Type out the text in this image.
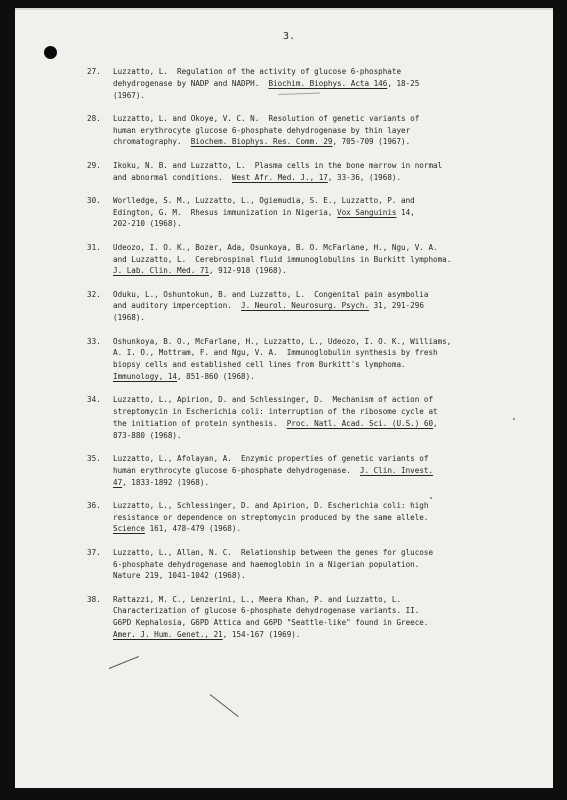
3.
27. Luzzatto, L.  Regulation of the activity of glucose 6-phosphate
dehydrogenase by NADP and NADPH.  Biochim. Biophys. Acta 146, 18-25
(1967).
28. Luzzatto, L. and Okoye, V. C. N.  Resolution of genetic variants of
human erythrocyte glucose 6-phosphate dehydrogenase by thin layer
chromatography.  Biochem. Biophys. Res. Comm. 29, 705-709 (1967).
29. Ikoku, N. B. and Luzzatto, L.  Plasma cells in the bone marrow in normal
and abnormal conditions.  West Afr. Med. J., 17, 33-36, (1968).
30. Worlledge, S. M., Luzzatto, L., Ogiemudia, S. E., Luzzatto, P. and
Edington, G. M.  Rhesus immunization in Nigeria, Vox Sanguinis 14,
202-210 (1968).
31. Udeozo, I. O. K., Bozer, Ada, Osunkoya, B. O. McFarlane, H., Ngu, V. A.
and Luzzatto, L.  Cerebrospinal fluid immunoglobulins in Burkitt lymphoma.
J. Lab. Clin. Med. 71, 912-918 (1968).
32. Oduku, L., Oshuntokun, B. and Luzzatto, L.  Congenital pain asymbolia
and auditory imperception.  J. Neurol. Neurosurg. Psych. 31, 291-296
(1968).
33. Oshunkoya, B. O., McFarlane, H., Luzzatto, L., Udeozo, I. O. K., Williams,
A. I. O., Mottram, F. and Ngu, V. A.  Immunoglobulin synthesis by fresh
biopsy cells and established cell lines from Burkitt's lymphoma.
Immunology, 14, 851-860 (1968).
34. Luzzatto, L., Apirion, D. and Schlessinger, D.  Mechanism of action of
streptomycin in Escherichia coli: interruption of the ribosome cycle at
the initiation of protein synthesis.  Proc. Natl. Acad. Sci. (U.S.) 60,
873-880 (1968).
35. Luzzatto, L., Afolayan, A.  Enzymic properties of genetic variants of
human erythrocyte glucose 6-phosphate dehydrogenase.  J. Clin. Invest.
47, 1833-1892 (1968).
36. Luzzatto, L., Schlessinger, D. and Apirion, D. Escherichia coli: high
resistance or dependence on streptomycin produced by the same allele.
Science 161, 478-479 (1968).
37. Luzzatto, L., Allan, N. C.  Relationship between the genes for glucose
6-phosphate dehydrogenase and haemoglobin in a Nigerian population.
Nature 219, 1041-1042 (1968).
38. Rattazzi, M. C., Lenzerini, L., Meera Khan, P. and Luzzatto, L.
Characterization of glucose 6-phosphate dehydrogenase variants. II.
G6PD Kephalosia, G6PD Attica and G6PD "Seattle-like" found in Greece.
Amer. J. Hum. Genet., 21, 154-167 (1969).
